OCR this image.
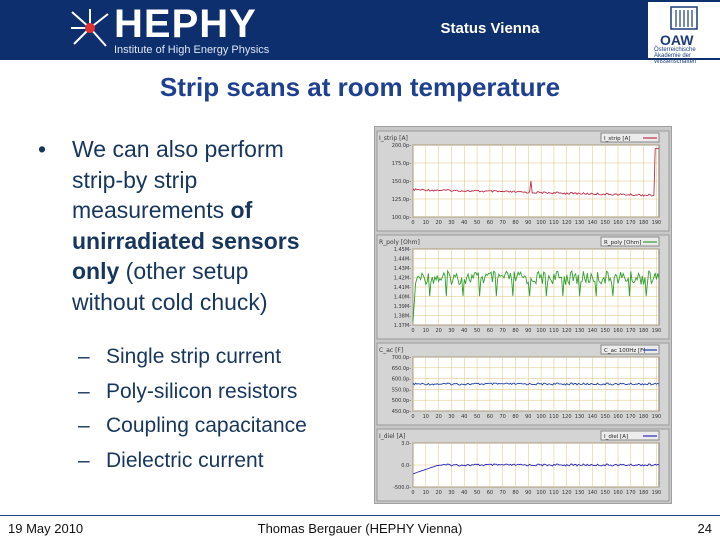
HEPHY
Institute of High Energy Physics
Status Vienna
OAW
Österreichische Akademie der Wissenschaften
Strip scans at room temperature
• We can also perform
strip-by strip
measurements of
unirradiated sensors
only (other setup
without cold chuck)
– Single strip current
– Poly-silicon resistors
– Coupling capacitance
– Dielectric current
I_strip [A]	I_strip [A]
0 10 20 30 40 50 60 70 80 90 100 110 120 130 140 150 160 170 180 190
200.0p-
175.0p-
150.0p-
125.0p-
100.0p-
R_poly [Ohm]	R_poly [Ohm]
0 10 20 30 40 50 60 70 80 90 100 110 120 130 140 150 160 170 180 190
1.45M-
1.44M-
1.43M-
1.42M-
1.41M-
1.40M-
1.39M-
1.38M-
1.37M-
C_ac [F]	C_ac 100Hz [F]
0 10 20 30 40 50 60 70 80 90 100 110 120 130 140 150 160 170 180 190
700.0p-
650.0p-
600.0p-
550.0p-
500.0p-
450.0p-
I_diel [A]	I_diel [A]
0 10 20 30 40 50 60 70 80 90 100 110 120 130 140 150 160 170 180 190
3.0-
0.0-
-500.0-
19 May 2010	Thomas Bergauer (HEPHY Vienna)	24
